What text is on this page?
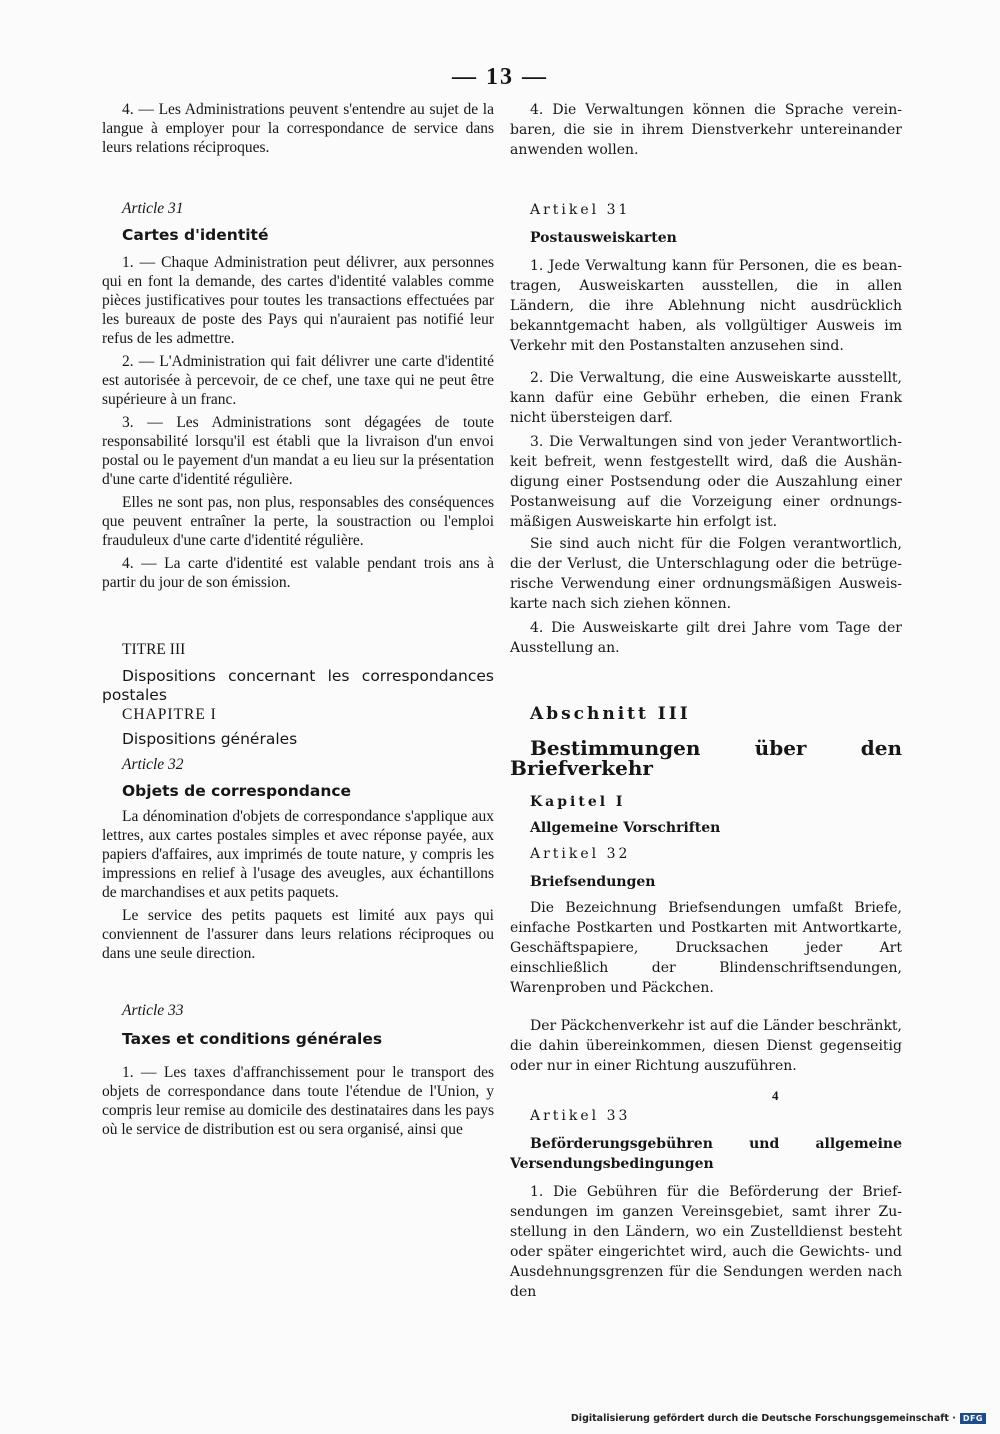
— 13 —

4. — Les Administrations peuvent s'entendre au sujet de la langue à employer pour la correspondance de service dans leurs relations réciproques.

Article 31

Cartes d'identité

1. — Chaque Administration peut délivrer, aux personnes qui en font la demande, des cartes d'identité valables comme pièces justificatives pour toutes les transactions effectuées par les bureaux de poste des Pays qui n'auraient pas notifié leur refus de les admettre.

2. — L'Administration qui fait délivrer une carte d'identité est autorisée à percevoir, de ce chef, une taxe qui ne peut être supérieure à un franc.

3. — Les Administrations sont dégagées de toute responsabilité lorsqu'il est établi que la livraison d'un envoi postal ou le payement d'un mandat a eu lieu sur la présentation d'une carte d'identité régulière.

Elles ne sont pas, non plus, responsables des conséquences que peuvent entraîner la perte, la soustraction ou l'emploi frauduleux d'une carte d'identité régulière.

4. — La carte d'identité est valable pendant trois ans à partir du jour de son émission.

TITRE III

Dispositions concernant les correspondances postales

CHAPITRE I

Dispositions générales

Article 32

Objets de correspondance

La dénomination d'objets de correspondance s'applique aux lettres, aux cartes postales simples et avec réponse payée, aux papiers d'affaires, aux imprimés de toute nature, y compris les impressions en relief à l'usage des aveugles, aux échantillons de marchandises et aux petits paquets.

Le service des petits paquets est limité aux pays qui conviennent de l'assurer dans leurs relations réciproques ou dans une seule direction.

Article 33

Taxes et conditions générales

1. — Les taxes d'affranchissement pour le transport des objets de correspondance dans toute l'étendue de l'Union, y compris leur remise au domicile des destinataires dans les pays où le service de distribution est ou sera organisé, ainsi que

4. Die Verwaltungen können die Sprache vereinbaren, die sie in ihrem Dienstverkehr untereinander anwenden wollen.

Artikel 31

Postausweiskarten

1. Jede Verwaltung kann für Personen, die es beantragen, Ausweiskarten ausstellen, die in allen Ländern, die ihre Ablehnung nicht ausdrücklich bekanntgemacht haben, als vollgültiger Ausweis im Verkehr mit den Postanstalten anzusehen sind.

2. Die Verwaltung, die eine Ausweiskarte ausstellt, kann dafür eine Gebühr erheben, die einen Frank nicht übersteigen darf.

3. Die Verwaltungen sind von jeder Verantwortlichkeit befreit, wenn festgestellt wird, daß die Aushändigung einer Postsendung oder die Auszahlung einer Postanweisung auf die Vorzeigung einer ordnungsmäßigen Ausweiskarte hin erfolgt ist.

Sie sind auch nicht für die Folgen verantwortlich, die der Verlust, die Unterschlagung oder die betrügerische Verwendung einer ordnungsmäßigen Ausweiskarte nach sich ziehen können.

4. Die Ausweiskarte gilt drei Jahre vom Tage der Ausstellung an.

Abschnitt III

Bestimmungen über den Briefverkehr

Kapitel I

Allgemeine Vorschriften

Artikel 32

Briefsendungen

Die Bezeichnung Briefsendungen umfaßt Briefe, einfache Postkarten und Postkarten mit Antwortkarte, Geschäftspapiere, Drucksachen jeder Art einschließlich der Blindenschriftsendungen, Warenproben und Päckchen.

Der Päckchenverkehr ist auf die Länder beschränkt, die dahin übereinkommen, diesen Dienst gegenseitig oder nur in einer Richtung auszuführen.

Artikel 33

Beförderungsgebühren und allgemeine Versendungsbedingungen

1. Die Gebühren für die Beförderung der Briefsendungen im ganzen Vereinsgebiet, samt ihrer Zustellung in den Ländern, wo ein Zustelldienst besteht oder später eingerichtet wird, auch die Gewichts- und Ausdehnungsgrenzen für die Sendungen werden nach den

4
Digitalisierung gefördert durch die Deutsche Forschungsgemeinschaft · DFG
